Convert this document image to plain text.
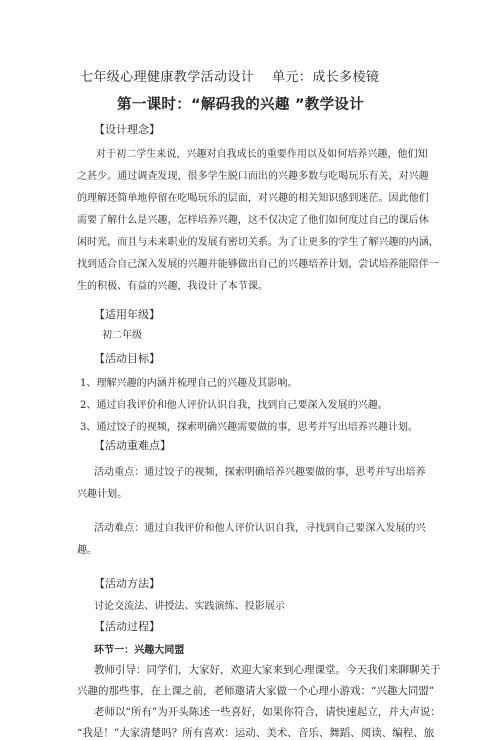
七年级心理健康教学活动设计　 单元：成长多棱镜
第一课时：“解码我的兴趣 ”教学设计
【设计理念】
对于初二学生来说，兴趣对自我成长的重要作用以及如何培养兴趣，他们知
之甚少。通过调查发现，很多学生脱口而出的兴趣多数与吃喝玩乐有关，对兴趣
的理解还简单地停留在吃喝玩乐的层面，对兴趣的相关知识感到迷茫。因此他们
需要了解什么是兴趣，怎样培养兴趣，这不仅决定了他们如何度过自己的课后休
闲时光，而且与未来职业的发展有密切关系。为了让更多的学生了解兴趣的内涵，
找到适合自己深入发展的兴趣并能够做出自己的兴趣培养计划，尝试培养能陪伴一
生的积极、有益的兴趣，我设计了本节课。
【适用年级】
初二年级
【活动目标】
1、理解兴趣的内涵并梳理自己的兴趣及其影响。
2、通过自我评价和他人评价认识自我，找到自己要深入发展的兴趣。
3、通过饺子的视频，探索明确兴趣需要做的事，思考并写出培养兴趣计划。
【活动重难点】
活动重点：通过饺子的视频，探索明确培养兴趣要做的事，思考并写出培养
兴趣计划。
活动难点：通过自我评价和他人评价认识自我，寻找到自己要深入发展的兴
趣。
【活动方法】
讨论交流法、讲授法、实践演练、投影展示
【活动过程】
环节一：兴趣大同盟
教师引导：同学们，大家好，欢迎大家来到心理课堂。今天我们来聊聊关于
兴趣的那些事，在上课之前，老师邀请大家做一个心理小游戏：“兴趣大同盟”
老师以“所有”为开头陈述一些喜好，如果你符合，请快速起立，并大声说：
“我是！”大家清楚吗？所有喜欢：运动、美术、音乐、舞蹈、阅读、编程、旅
